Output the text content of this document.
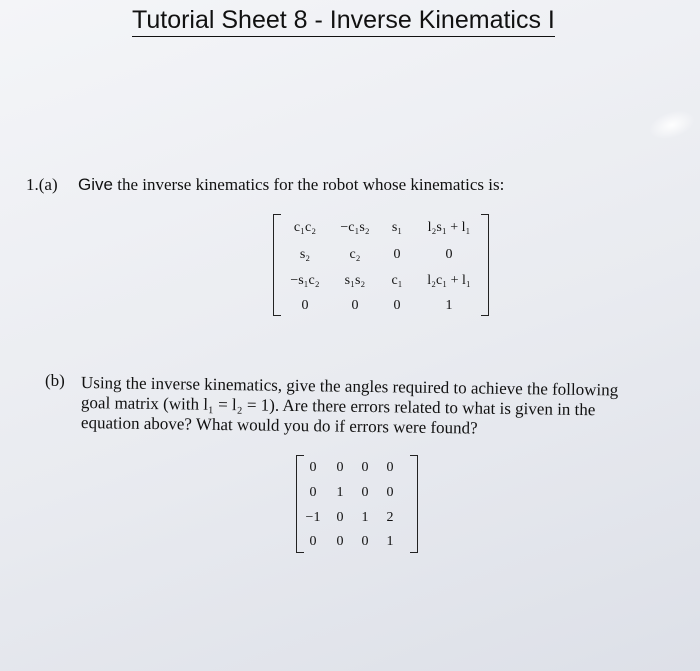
Tutorial Sheet 8 - Inverse Kinematics I
1.(a) Give the inverse kinematics for the robot whose kinematics is:
c₁c₂	−c₁s₂	s₁	l₂s₁ + l₁
s₂	c₂	0	0
−s₁c₂	s₁s₂	c₁	l₂c₁ + l₁
0	0	0	1
(b) Using the inverse kinematics, give the angles required to achieve the following
goal matrix (with l₁ = l₂ = 1). Are there errors related to what is given in the
equation above? What would you do if errors were found?
0	0	0	0
0	1	0	0
−1	0	1	2
0	0	0	1
